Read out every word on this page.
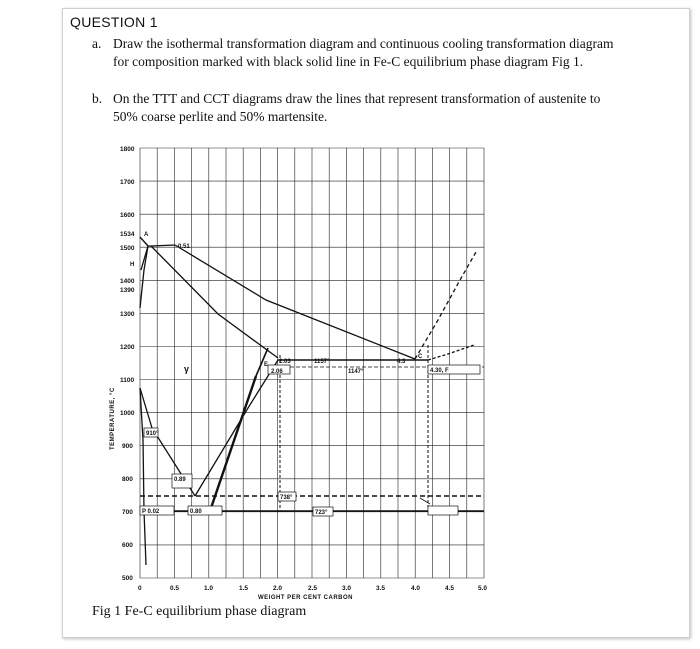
QUESTION 1
a. Draw the isothermal transformation diagram and continuous cooling transformation diagram
for composition marked with black solid line in Fe-C equilibrium phase diagram Fig 1.
b. On the TTT and CCT diagrams draw the lines that represent transformation of austenite to
50% coarse perlite and 50% martensite.
1800
1700
1600
1534
1500
1400
1390
1300
1200
1100
1000
900
800
700
600
500
0	0.5	1.0	1.5	2.0	2.5	3.0	3.5	4.0	4.5	5.0
WEIGHT PER CENT CARBON
TEMPERATURE, °C
0.51
γ
2.03
2.06
1157°
1147°
4.3
4.30, F
910°
0.89
738°
723°
P 0.02	0.80
H
A
C
E
Fig 1 Fe-C equilibrium phase diagram
